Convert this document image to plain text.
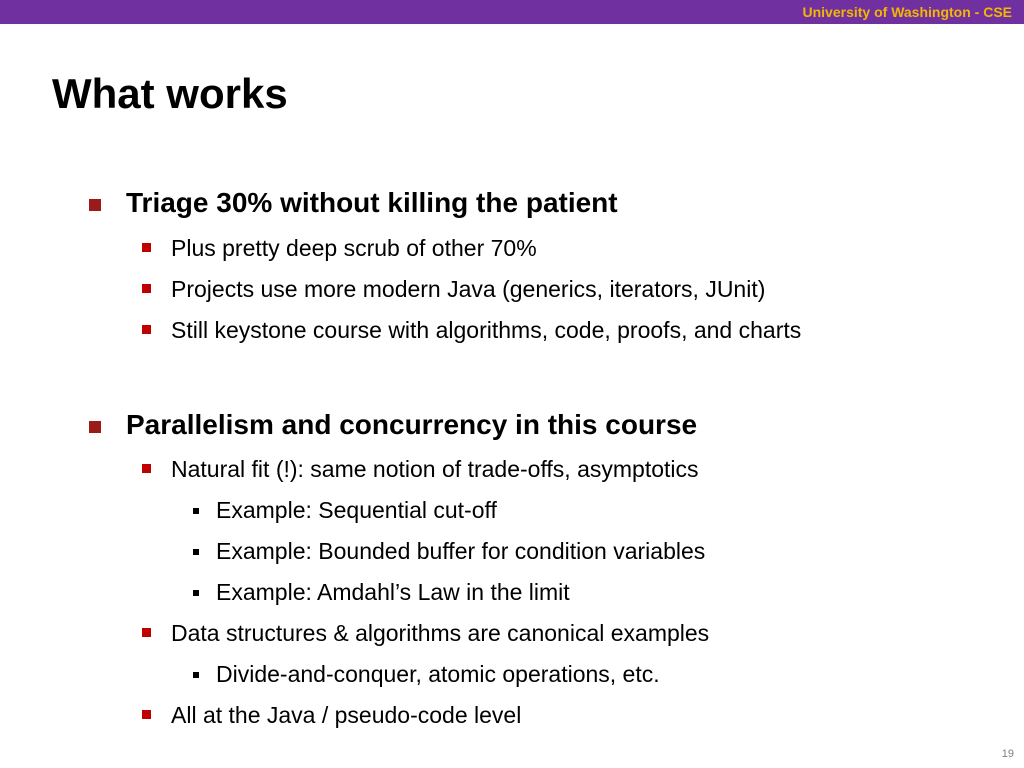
University of Washington - CSE
What works
Triage 30% without killing the patient
Plus pretty deep scrub of other 70%
Projects use more modern Java (generics, iterators, JUnit)
Still keystone course with algorithms, code, proofs, and charts
Parallelism and concurrency in this course
Natural fit (!): same notion of trade-offs, asymptotics
Example: Sequential cut-off
Example: Bounded buffer for condition variables
Example: Amdahl’s Law in the limit
Data structures & algorithms are canonical examples
Divide-and-conquer, atomic operations, etc.
All at the Java / pseudo-code level
19
